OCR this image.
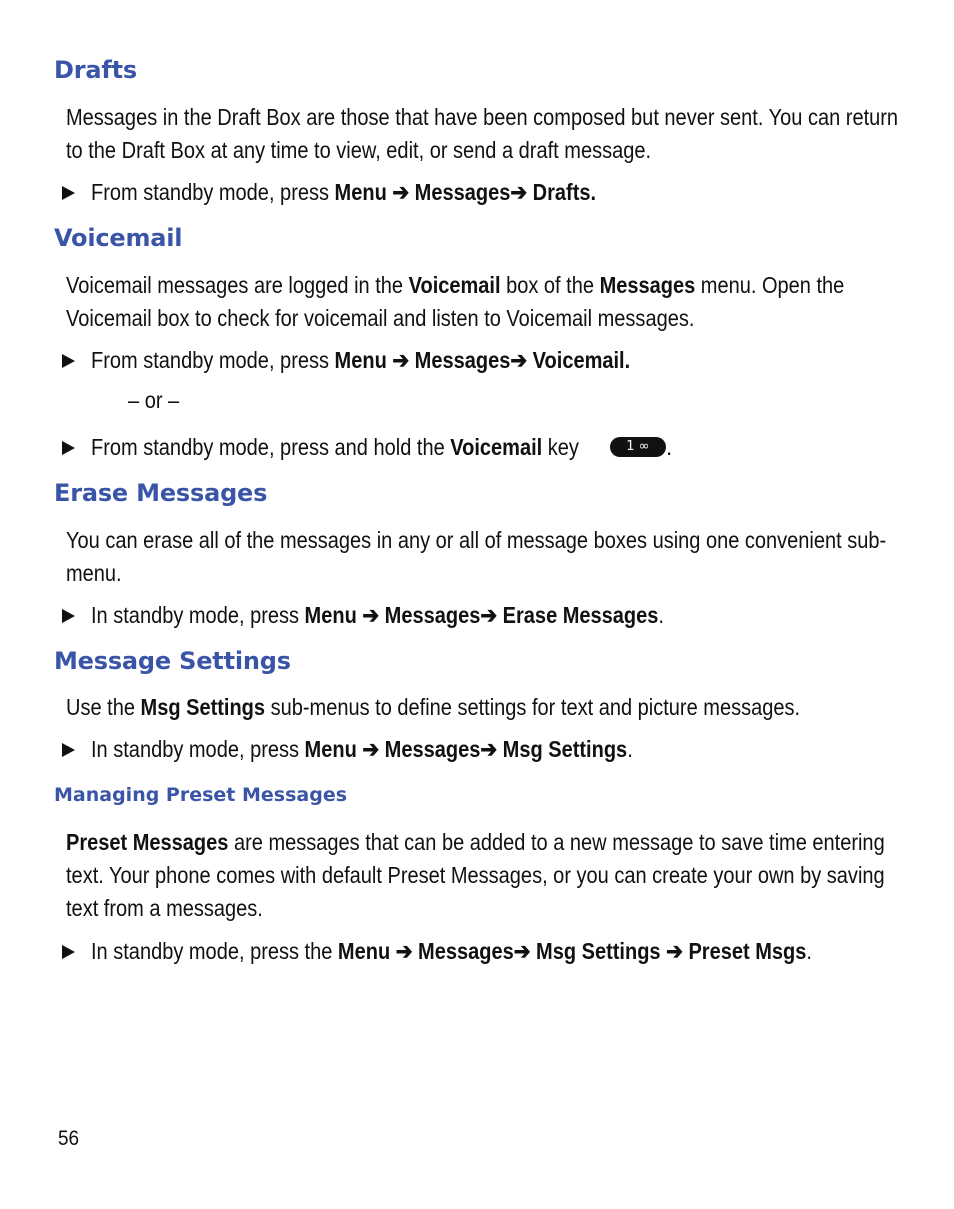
Drafts

Messages in the Draft Box are those that have been composed but never sent. You can return to the Draft Box at any time to view, edit, or send a draft message.

From standby mode, press Menu ➔ Messages➔ Drafts.

Voicemail

Voicemail messages are logged in the Voicemail box of the Messages menu. Open the Voicemail box to check for voicemail and listen to Voicemail messages.

From standby mode, press Menu ➔ Messages➔ Voicemail.

– or –

From standby mode, press and hold the Voicemail key	1 ∞ .

Erase Messages

You can erase all of the messages in any or all of message boxes using one convenient sub-menu.

In standby mode, press Menu ➔ Messages➔ Erase Messages.

Message Settings

Use the Msg Settings sub-menus to define settings for text and picture messages.

In standby mode, press Menu ➔ Messages➔ Msg Settings.

Managing Preset Messages

Preset Messages are messages that can be added to a new message to save time entering text. Your phone comes with default Preset Messages, or you can create your own by saving text from a messages.

In standby mode, press the Menu ➔ Messages➔ Msg Settings ➔ Preset Msgs.

56
